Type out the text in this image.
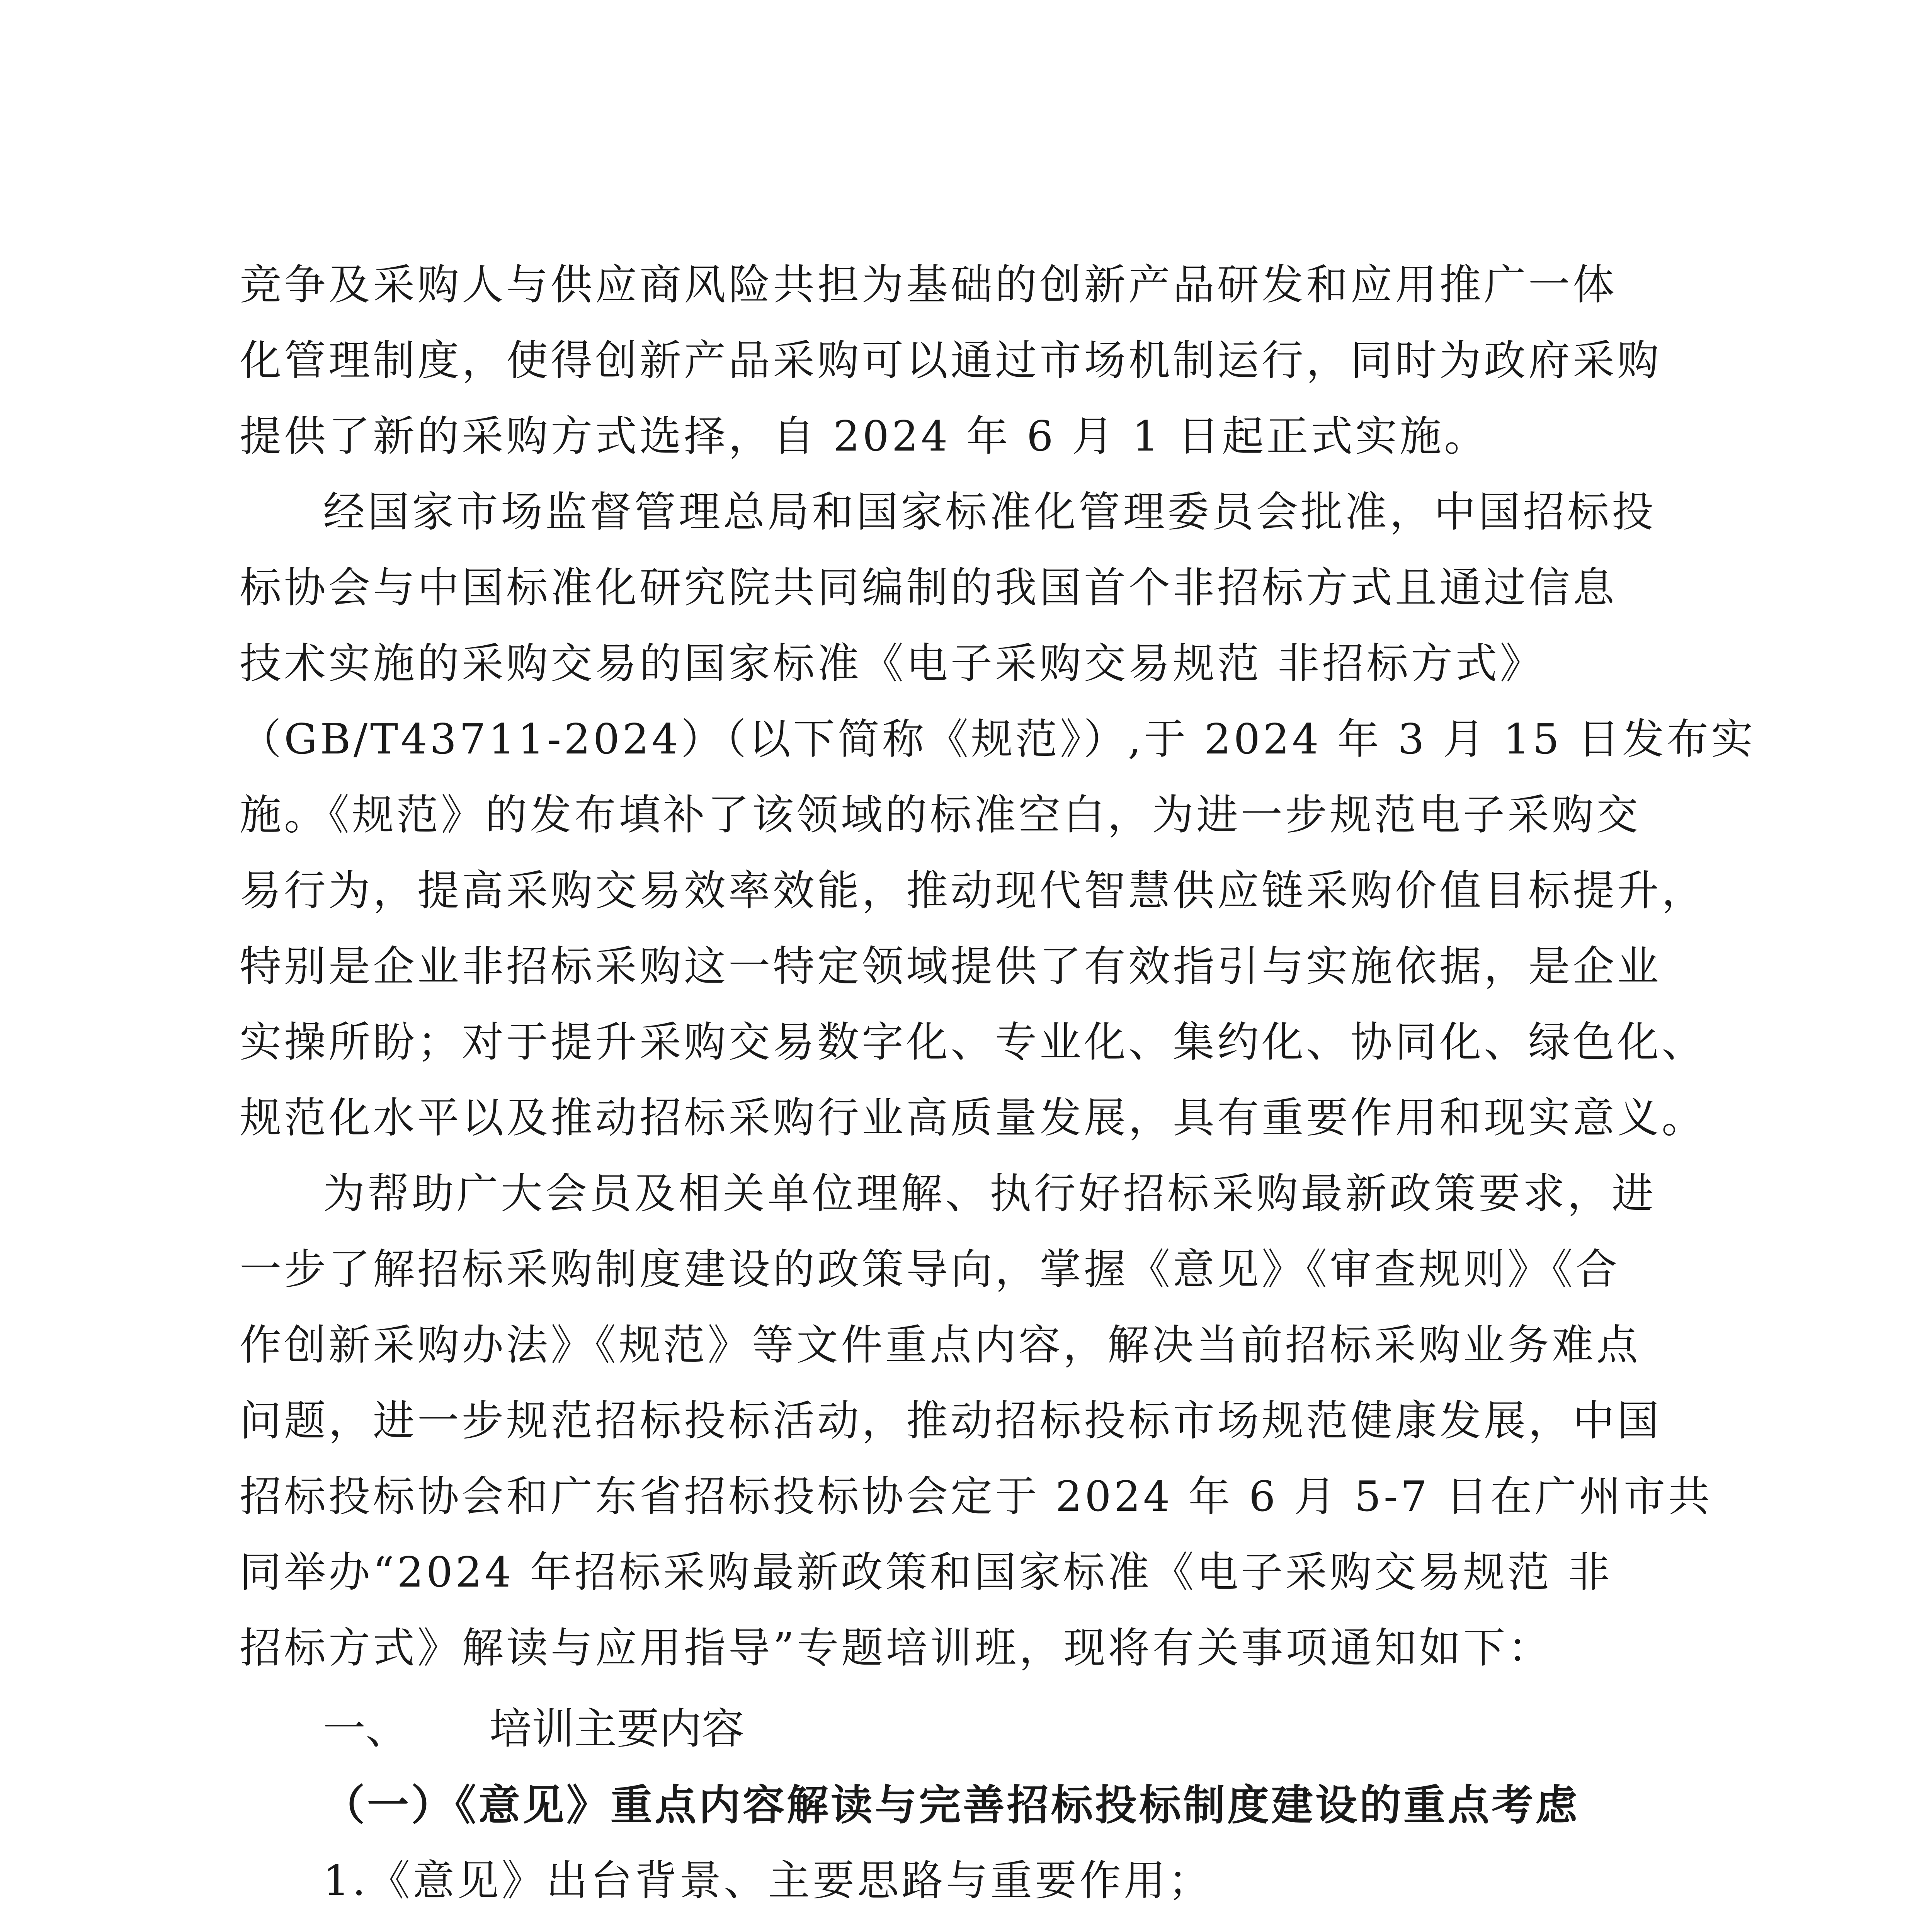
竞争及采购人与供应商风险共担为基础的创新产品研发和应用推广一体
化管理制度，使得创新产品采购可以通过市场机制运行，同时为政府采购
提供了新的采购方式选择，自 2024 年 6 月 1 日起正式实施。
经国家市场监督管理总局和国家标准化管理委员会批准，中国招标投
标协会与中国标准化研究院共同编制的我国首个非招标方式且通过信息
技术实施的采购交易的国家标准《电子采购交易规范 非招标方式》
（GB/T43711-2024）（以下简称《规范》）,于 2024 年 3 月 15 日发布实
施。《规范》的发布填补了该领域的标准空白，为进一步规范电子采购交
易行为，提高采购交易效率效能，推动现代智慧供应链采购价值目标提升，
特别是企业非招标采购这一特定领域提供了有效指引与实施依据，是企业
实操所盼；对于提升采购交易数字化、专业化、集约化、协同化、绿色化、
规范化水平以及推动招标采购行业高质量发展，具有重要作用和现实意义。
为帮助广大会员及相关单位理解、执行好招标采购最新政策要求，进
一步了解招标采购制度建设的政策导向，掌握《意见》《审查规则》《合
作创新采购办法》《规范》等文件重点内容，解决当前招标采购业务难点
问题，进一步规范招标投标活动，推动招标投标市场规范健康发展，中国
招标投标协会和广东省招标投标协会定于 2024 年 6 月 5-7 日在广州市共
同举办“2024 年招标采购最新政策和国家标准《电子采购交易规范 非
招标方式》解读与应用指导”专题培训班，现将有关事项通知如下：
一、 培训主要内容
（一）《意见》重点内容解读与完善招标投标制度建设的重点考虑
1.《意见》出台背景、主要思路与重要作用；
